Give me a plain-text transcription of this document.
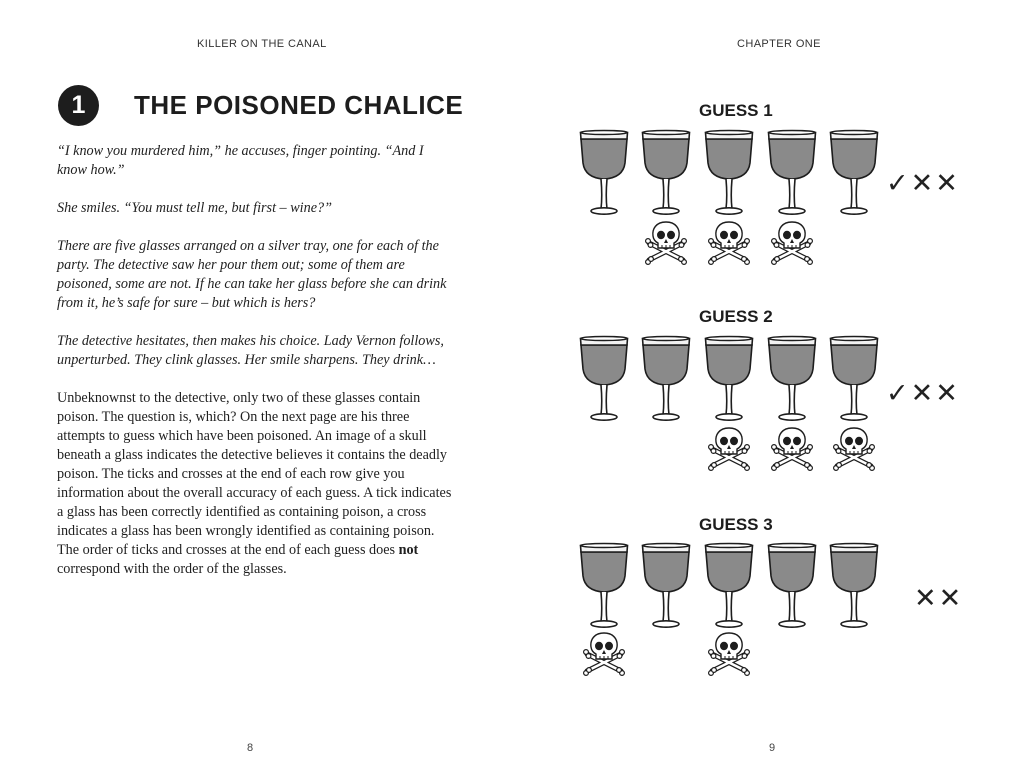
KILLER ON THE CANAL	CHAPTER ONE
1	THE POISONED CHALICE

“I know you murdered him,” he accuses, finger pointing. “And I know how.”

She smiles. “You must tell me, but first – wine?”

There are five glasses arranged on a silver tray, one for each of the party. The detective saw her pour them out; some of them are poisoned, some are not. If he can take her glass before she can drink from it, he’s safe for sure – but which is hers?

The detective hesitates, then makes his choice. Lady Vernon follows, unperturbed. They clink glasses. Her smile sharpens. They drink…

Unbeknownst to the detective, only two of these glasses contain poison. The question is, which? On the next page are his three attempts to guess which have been poisoned. An image of a skull beneath a glass indicates the detective believes it contains the deadly poison. The ticks and crosses at the end of each row give you information about the overall accuracy of each guess. A tick indicates a glass has been correctly identified as containing poison, a cross indicates a glass has been wrongly identified as containing poison. The order of ticks and crosses at the end of each guess does not correspond with the order of the glasses.

GUESS 1
✓✕✕
GUESS 2
✓✕✕
GUESS 3
✕✕
8	9
